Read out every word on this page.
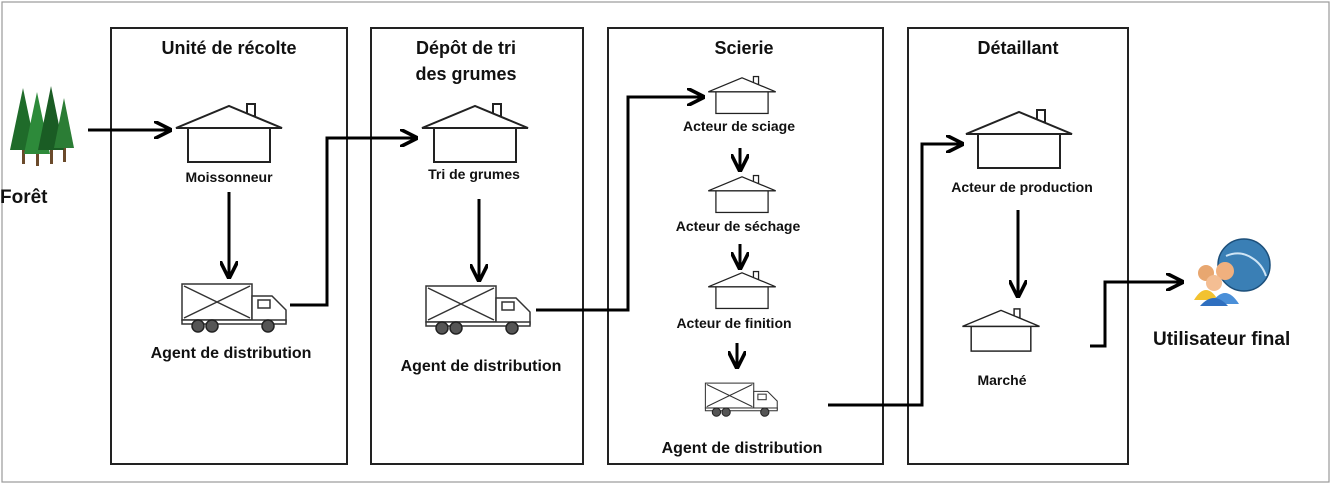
Unité de récolte	Dépôt de tri
des grumes
Scierie	Détaillant
Forêt
Moissonneur
Agent de distribution
Tri de grumes
Agent de distribution
Acteur de sciage
Acteur de séchage
Acteur de finition
Agent de distribution
Acteur de production
Marché
Utilisateur final
